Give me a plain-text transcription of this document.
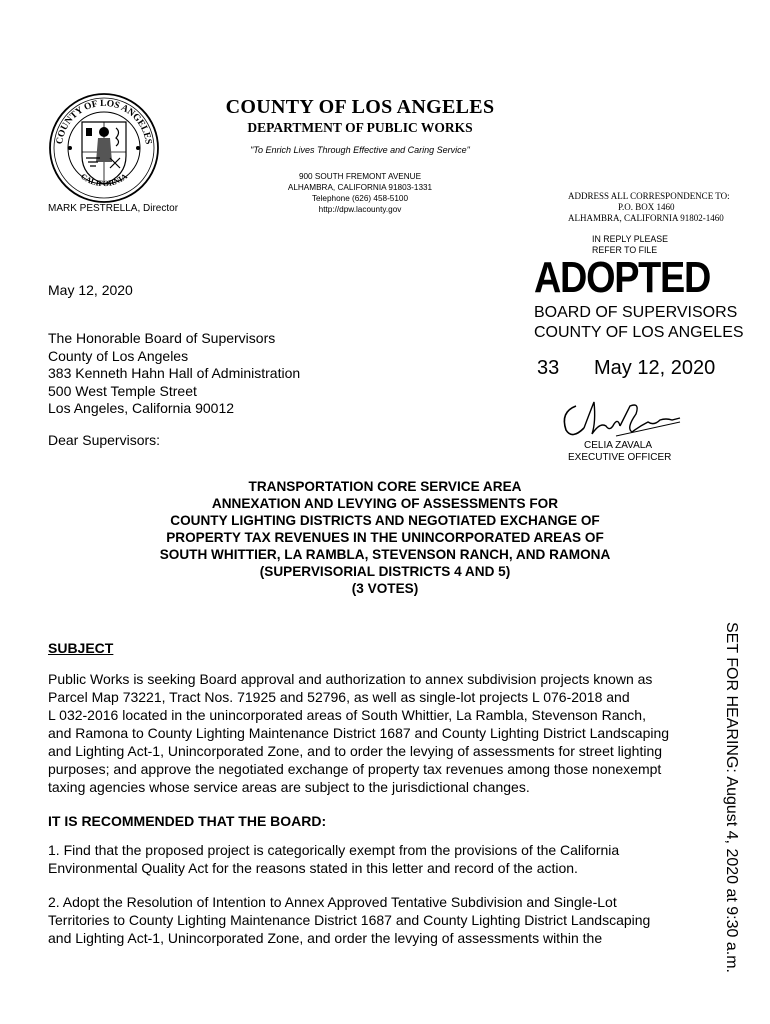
COUNTY OF LOS ANGELES
CALIFORNIA
COUNTY OF LOS ANGELES
DEPARTMENT OF PUBLIC WORKS
"To Enrich Lives Through Effective and Caring Service"
900 SOUTH FREMONT AVENUE
ALHAMBRA, CALIFORNIA 91803-1331
Telephone (626) 458-5100
http://dpw.lacounty.gov
MARK PESTRELLA, Director
ADDRESS ALL CORRESPONDENCE TO:
P.O. BOX 1460
ALHAMBRA, CALIFORNIA 91802-1460
IN REPLY PLEASE
REFER TO FILE
ADOPTED
BOARD OF SUPERVISORS
COUNTY OF LOS ANGELES
33 May 12, 2020
CELIA ZAVALA
EXECUTIVE OFFICER
May 12, 2020
The Honorable Board of Supervisors
County of Los Angeles
383 Kenneth Hahn Hall of Administration
500 West Temple Street
Los Angeles, California 90012
Dear Supervisors:
TRANSPORTATION CORE SERVICE AREA
ANNEXATION AND LEVYING OF ASSESSMENTS FOR
COUNTY LIGHTING DISTRICTS AND NEGOTIATED EXCHANGE OF
PROPERTY TAX REVENUES IN THE UNINCORPORATED AREAS OF
SOUTH WHITTIER, LA RAMBLA, STEVENSON RANCH, AND RAMONA
(SUPERVISORIAL DISTRICTS 4 AND 5)
(3 VOTES)
SUBJECT
Public Works is seeking Board approval and authorization to annex subdivision projects known as
Parcel Map 73221, Tract Nos. 71925 and 52796, as well as single-lot projects L 076-2018 and
L 032-2016 located in the unincorporated areas of South Whittier, La Rambla, Stevenson Ranch,
and Ramona to County Lighting Maintenance District 1687 and County Lighting District Landscaping
and Lighting Act-1, Unincorporated Zone, and to order the levying of assessments for street lighting
purposes; and approve the negotiated exchange of property tax revenues among those nonexempt
taxing agencies whose service areas are subject to the jurisdictional changes.
IT IS RECOMMENDED THAT THE BOARD:
1. Find that the proposed project is categorically exempt from the provisions of the California
Environmental Quality Act for the reasons stated in this letter and record of the action.
2. Adopt the Resolution of Intention to Annex Approved Tentative Subdivision and Single-Lot
Territories to County Lighting Maintenance District 1687 and County Lighting District Landscaping
and Lighting Act-1, Unincorporated Zone, and order the levying of assessments within the	SET FOR HEARING: August 4, 2020 at 9:30 a.m.
